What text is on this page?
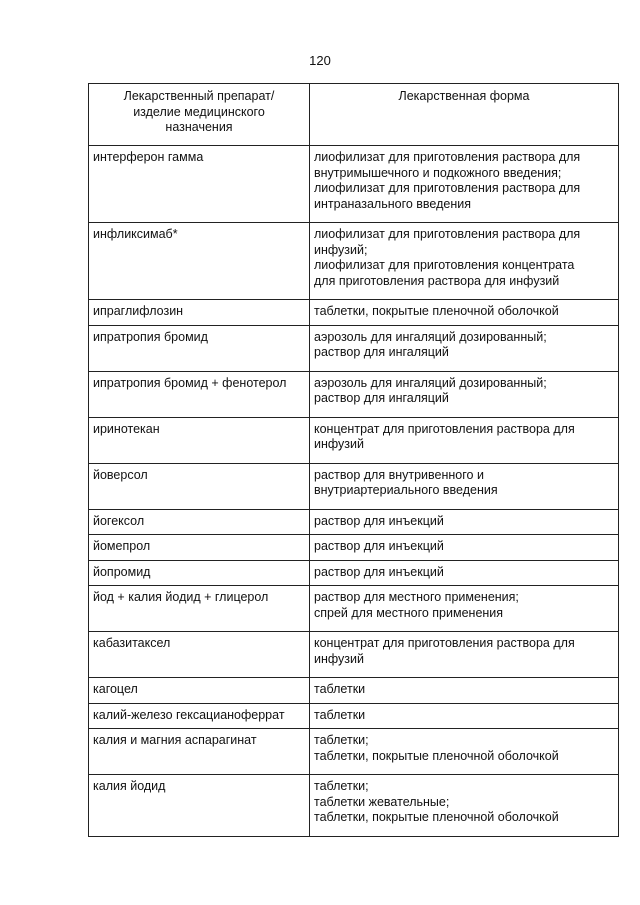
120
Лекарственный препарат/
изделие медицинского
назначения	Лекарственная форма

интерферон гамма	лиофилизат для приготовления раствора для
внутримышечного и подкожного введения;
лиофилизат для приготовления раствора для
интраназального введения

инфликсимаб*	лиофилизат для приготовления раствора для
инфузий;
лиофилизат для приготовления концентрата
для приготовления раствора для инфузий

ипраглифлозин	таблетки, покрытые пленочной оболочкой

ипратропия бромид	аэрозоль для ингаляций дозированный;
раствор для ингаляций

ипратропия бромид + фенотерол	аэрозоль для ингаляций дозированный;
раствор для ингаляций

иринотекан	концентрат для приготовления раствора для
инфузий

йоверсол	раствор для внутривенного и
внутриартериального введения

йогексол	раствор для инъекций

йомепрол	раствор для инъекций

йопромид	раствор для инъекций

йод + калия йодид + глицерол	раствор для местного применения;
спрей для местного применения

кабазитаксел	концентрат для приготовления раствора для
инфузий

кагоцел	таблетки

калий-железо гексацианоферрат	таблетки

калия и магния аспарагинат	таблетки;
таблетки, покрытые пленочной оболочкой

калия йодид	таблетки;
таблетки жевательные;
таблетки, покрытые пленочной оболочкой
